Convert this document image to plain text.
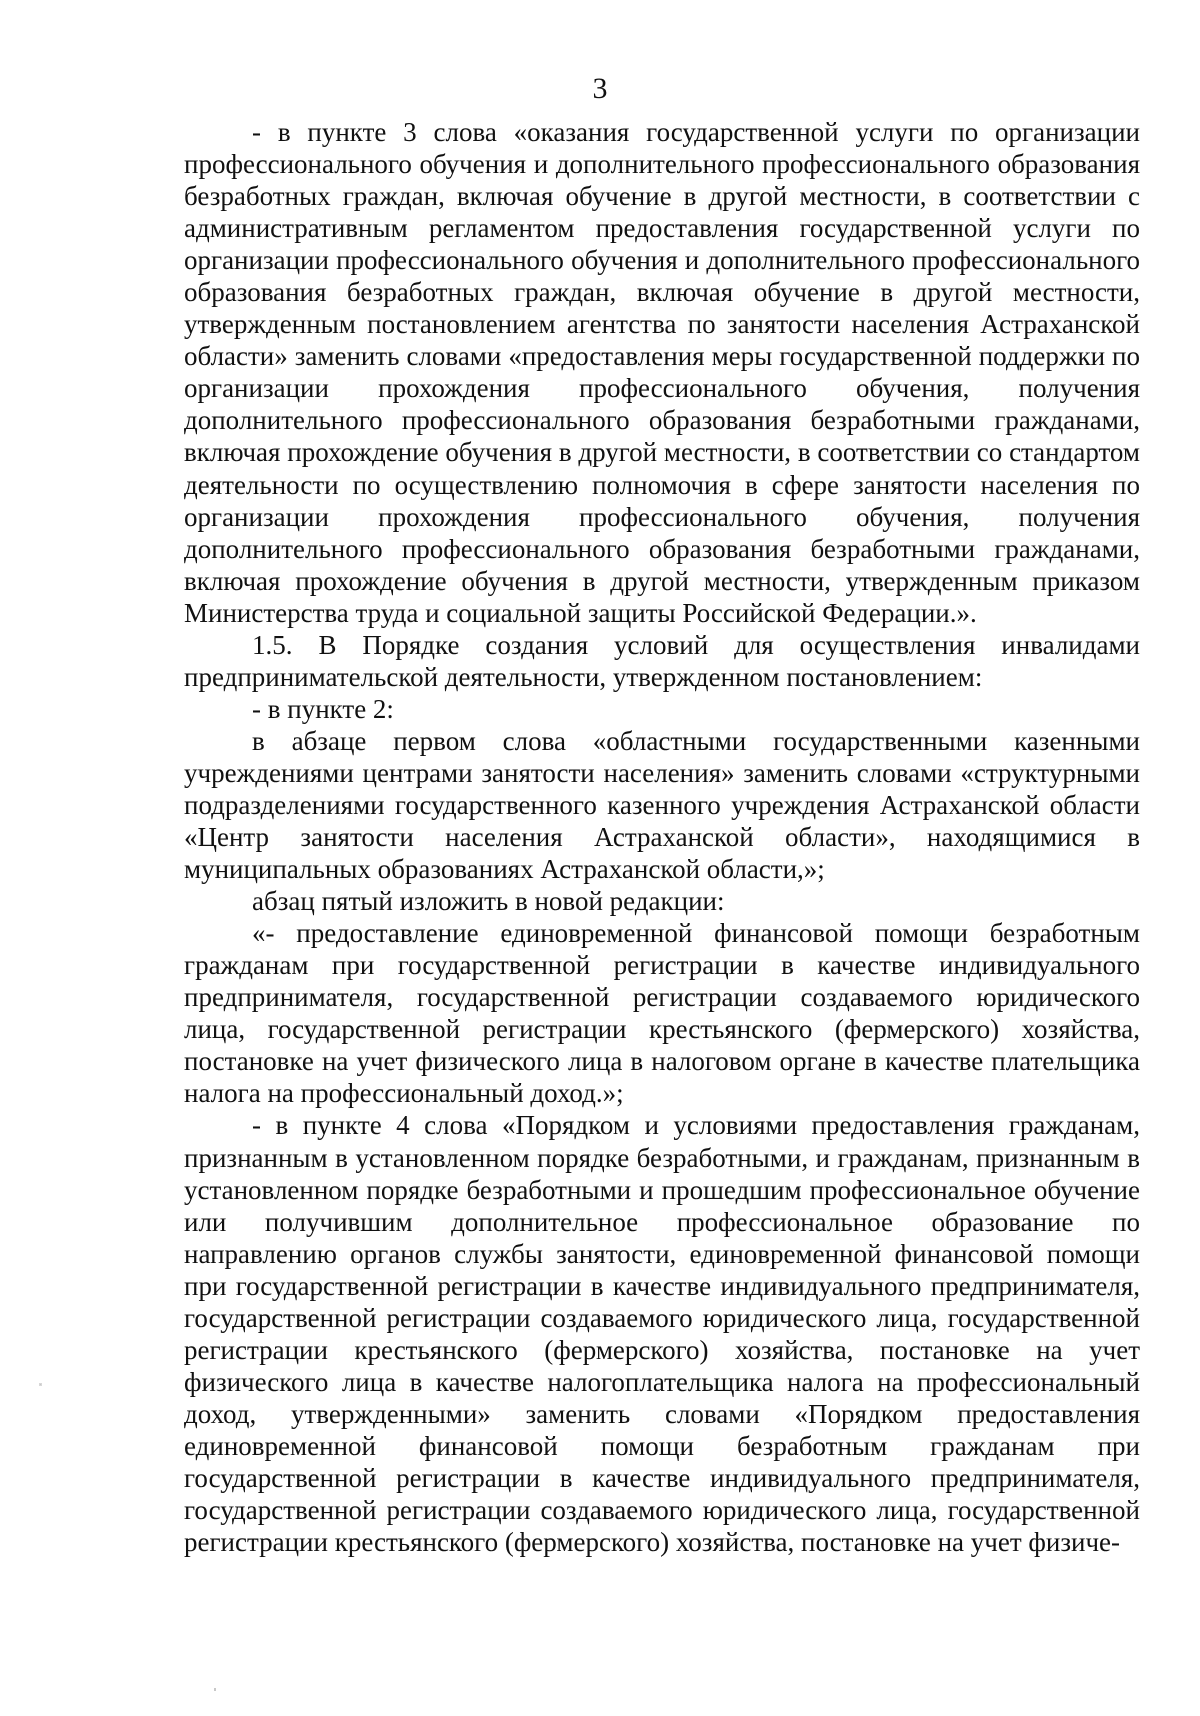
3

- в пункте 3 слова «оказания государственной услуги по организации профессионального обучения и дополнительного профессионального образования безработных граждан, включая обучение в другой местности, в соответствии с административным регламентом предоставления государственной услуги по организации профессионального обучения и дополнительного профессионального образования безработных граждан, включая обучение в другой местности, утвержденным постановлением агентства по занятости населения Астраханской области» заменить словами «предоставления меры государственной поддержки по организации прохождения профессионального обучения, получения дополнительного профессионального образования безработными гражданами, включая прохождение обучения в другой местности, в соответствии со стандартом деятельности по осуществлению полномочия в сфере занятости населения по организации прохождения профессионального обучения, получения дополнительного профессионального образования безработными гражданами, включая прохождение обучения в другой местности, утвержденным приказом Министерства труда и социальной защиты Российской Федерации.».

1.5. В Порядке создания условий для осуществления инвалидами предпринимательской деятельности, утвержденном постановлением:

- в пункте 2:

в абзаце первом слова «областными государственными казенными учреждениями центрами занятости населения» заменить словами «структурными подразделениями государственного казенного учреждения Астраханской области «Центр занятости населения Астраханской области», находящимися в муниципальных образованиях Астраханской области,»;

абзац пятый изложить в новой редакции:

«- предоставление единовременной финансовой помощи безработным гражданам при государственной регистрации в качестве индивидуального предпринимателя, государственной регистрации создаваемого юридического лица, государственной регистрации крестьянского (фермерского) хозяйства, постановке на учет физического лица в налоговом органе в качестве плательщика налога на профессиональный доход.»;

- в пункте 4 слова «Порядком и условиями предоставления гражданам, признанным в установленном порядке безработными, и гражданам, признанным в установленном порядке безработными и прошедшим профессиональное обучение или получившим дополнительное профессиональное образование по направлению органов службы занятости, единовременной финансовой помощи при государственной регистрации в качестве индивидуального предпринимателя, государственной регистрации создаваемого юридического лица, государственной регистрации крестьянского (фермерского) хозяйства, постановке на учет физического лица в качестве налогоплательщика налога на профессиональный доход, утвержденными» заменить словами «Порядком предоставления единовременной финансовой помощи безработным гражданам при государственной регистрации в качестве индивидуального предпринимателя, государственной регистрации создаваемого юридического лица, государственной регистрации крестьянского (фермерского) хозяйства, постановке на учет физиче-
